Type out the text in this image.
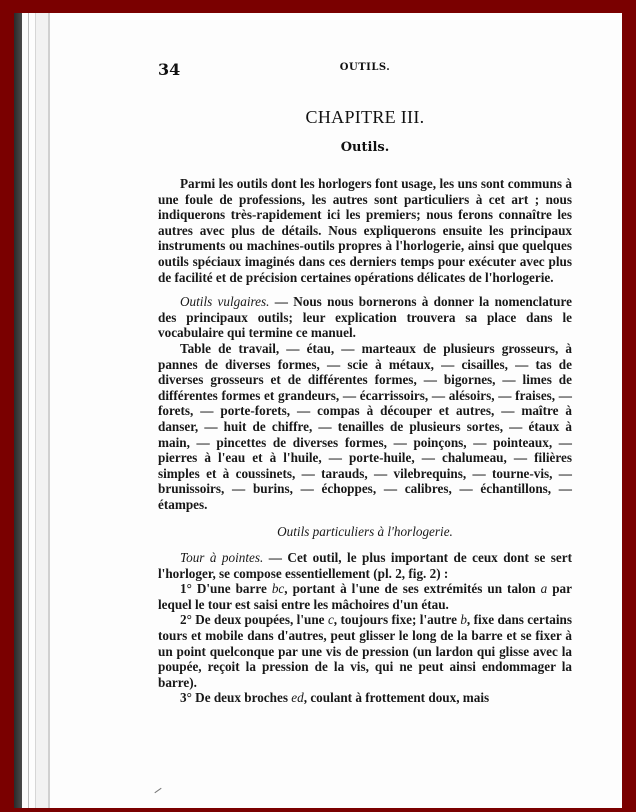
34	OUTILS.
CHAPITRE III.
Outils.

Parmi les outils dont les horlogers font usage, les uns sont communs à une foule de professions, les autres sont particuliers à cet art ; nous indiquerons très-rapidement ici les premiers; nous ferons connaître les autres avec plus de détails. Nous expliquerons ensuite les principaux instruments ou machines-outils propres à l'horlogerie, ainsi que quelques outils spéciaux imaginés dans ces derniers temps pour exécuter avec plus de facilité et de précision certaines opérations délicates de l'horlogerie.

Outils vulgaires. — Nous nous bornerons à donner la nomenclature des principaux outils; leur explication trouvera sa place dans le vocabulaire qui termine ce manuel.

Table de travail, — étau, — marteaux de plusieurs grosseurs, à pannes de diverses formes, — scie à métaux, — cisailles, — tas de diverses grosseurs et de différentes formes, — bigornes, — limes de différentes formes et grandeurs, — écarrissoirs, — alésoirs, — fraises, — forets, — porte-forets, — compas à découper et autres, — maître à danser, — huit de chiffre, — tenailles de plusieurs sortes, — étaux à main, — pincettes de diverses formes, — poinçons, — pointeaux, — pierres à l'eau et à l'huile, — porte-huile, — chalumeau, — filières simples et à coussinets, — tarauds, — vilebrequins, — tourne-vis, — brunissoirs, — burins, — échoppes, — calibres, — échantillons, — étampes.

Outils particuliers à l'horlogerie.

Tour à pointes. — Cet outil, le plus important de ceux dont se sert l'horloger, se compose essentiellement (pl. 2, fig. 2) :

1° D'une barre bc, portant à l'une de ses extrémités un talon a par lequel le tour est saisi entre les mâchoires d'un étau.

2° De deux poupées, l'une c, toujours fixe; l'autre b, fixe dans certains tours et mobile dans d'autres, peut glisser le long de la barre et se fixer à un point quelconque par une vis de pression (un lardon qui glisse avec la poupée, reçoit la pression de la vis, qui ne peut ainsi endommager la barre).

3° De deux broches ed, coulant à frottement doux, mais
